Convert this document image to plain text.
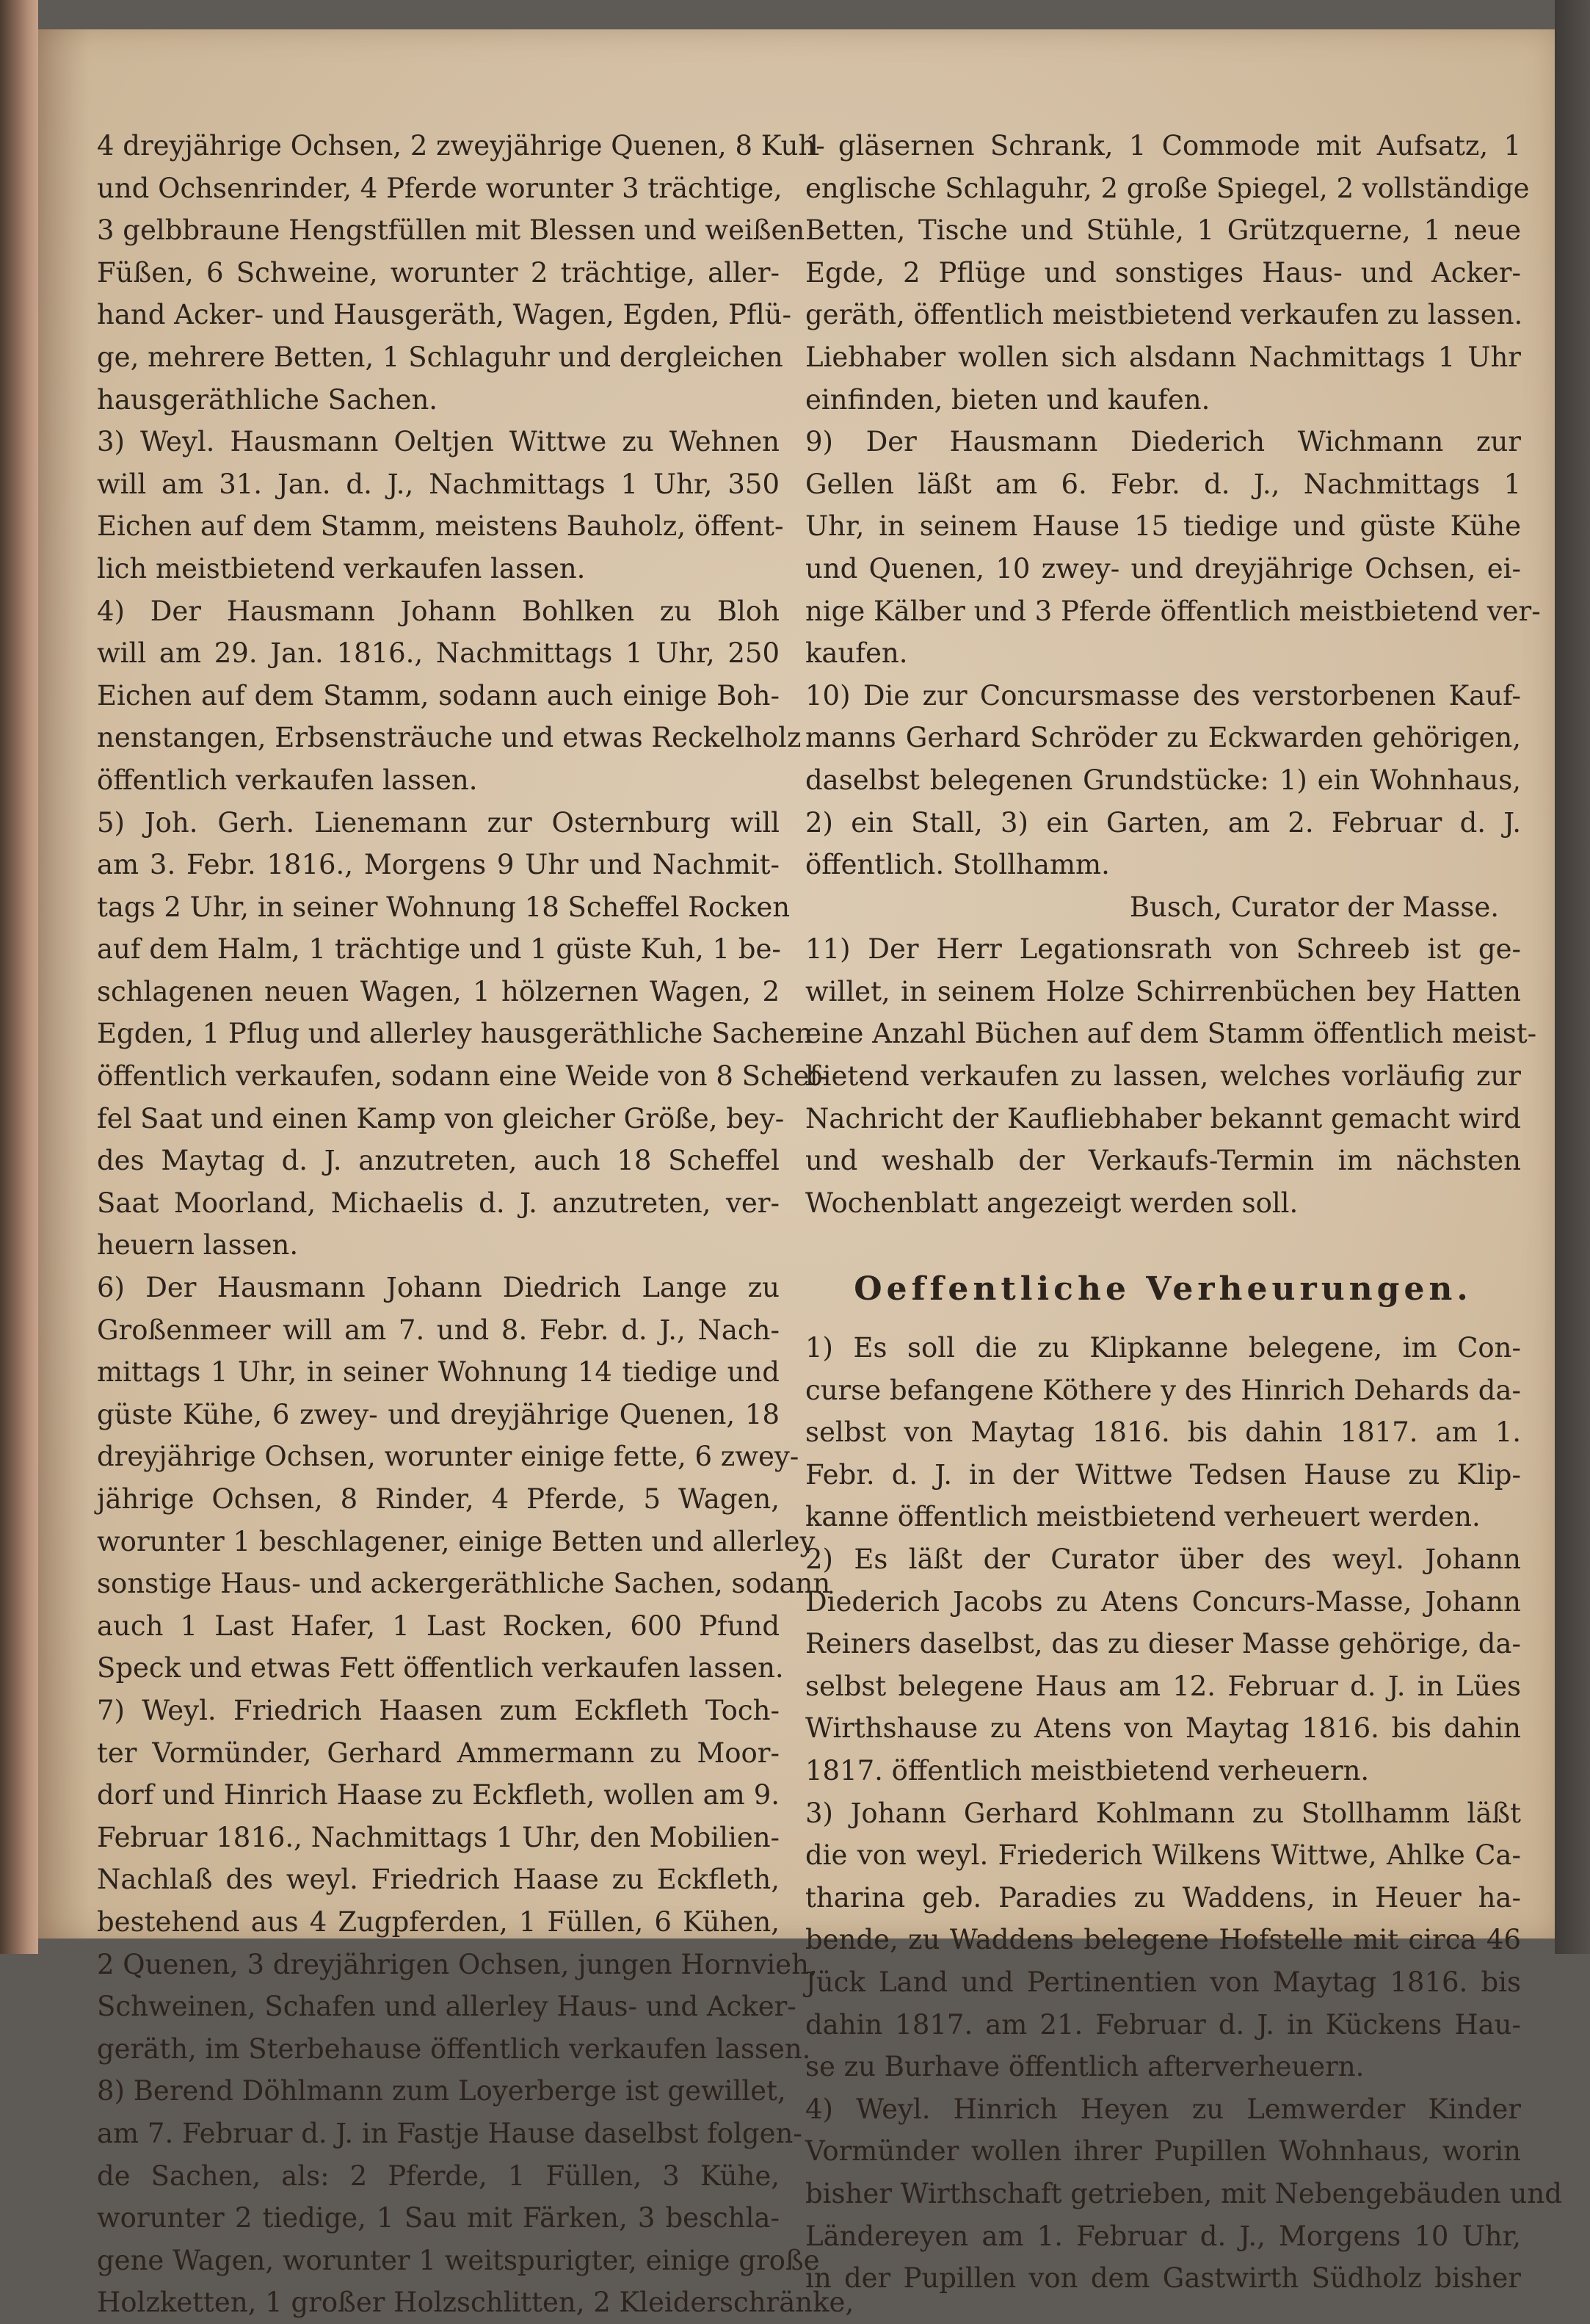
4 dreyjährige Ochsen, 2 zweyjährige Quenen, 8 Kuh-
und Ochsenrinder, 4 Pferde worunter 3 trächtige,
3 gelbbraune Hengstfüllen mit Blessen und weißen
Füßen, 6 Schweine, worunter 2 trächtige, aller-
hand Acker- und Hausgeräth, Wagen, Egden, Pflü-
ge, mehrere Betten, 1 Schlaguhr und dergleichen
hausgeräthliche Sachen.
3) Weyl. Hausmann Oeltjen Wittwe zu Wehnen
will am 31. Jan. d. J., Nachmittags 1 Uhr, 350
Eichen auf dem Stamm, meistens Bauholz, öffent-
lich meistbietend verkaufen lassen.
4) Der Hausmann Johann Bohlken zu Bloh
will am 29. Jan. 1816., Nachmittags 1 Uhr, 250
Eichen auf dem Stamm, sodann auch einige Boh-
nenstangen, Erbsensträuche und etwas Reckelholz
öffentlich verkaufen lassen.
5) Joh. Gerh. Lienemann zur Osternburg will
am 3. Febr. 1816., Morgens 9 Uhr und Nachmit-
tags 2 Uhr, in seiner Wohnung 18 Scheffel Rocken
auf dem Halm, 1 trächtige und 1 güste Kuh, 1 be-
schlagenen neuen Wagen, 1 hölzernen Wagen, 2
Egden, 1 Pflug und allerley hausgeräthliche Sachen
öffentlich verkaufen, sodann eine Weide von 8 Schef-
fel Saat und einen Kamp von gleicher Größe, bey-
des Maytag d. J. anzutreten, auch 18 Scheffel
Saat Moorland, Michaelis d. J. anzutreten, ver-
heuern lassen.
6) Der Hausmann Johann Diedrich Lange zu
Großenmeer will am 7. und 8. Febr. d. J., Nach-
mittags 1 Uhr, in seiner Wohnung 14 tiedige und
güste Kühe, 6 zwey- und dreyjährige Quenen, 18
dreyjährige Ochsen, worunter einige fette, 6 zwey-
jährige Ochsen, 8 Rinder, 4 Pferde, 5 Wagen,
worunter 1 beschlagener, einige Betten und allerley
sonstige Haus- und ackergeräthliche Sachen, sodann
auch 1 Last Hafer, 1 Last Rocken, 600 Pfund
Speck und etwas Fett öffentlich verkaufen lassen.
7) Weyl. Friedrich Haasen zum Eckfleth Toch-
ter Vormünder, Gerhard Ammermann zu Moor-
dorf und Hinrich Haase zu Eckfleth, wollen am 9.
Februar 1816., Nachmittags 1 Uhr, den Mobilien-
Nachlaß des weyl. Friedrich Haase zu Eckfleth,
bestehend aus 4 Zugpferden, 1 Füllen, 6 Kühen,
2 Quenen, 3 dreyjährigen Ochsen, jungen Hornvieh,
Schweinen, Schafen und allerley Haus- und Acker-
geräth, im Sterbehause öffentlich verkaufen lassen.
8) Berend Döhlmann zum Loyerberge ist gewillet,
am 7. Februar d. J. in Fastje Hause daselbst folgen-
de Sachen, als: 2 Pferde, 1 Füllen, 3 Kühe,
worunter 2 tiedige, 1 Sau mit Färken, 3 beschla-
gene Wagen, worunter 1 weitspurigter, einige große
Holzketten, 1 großer Holzschlitten, 2 Kleiderschränke,
1 gläsernen Schrank, 1 Commode mit Aufsatz, 1
englische Schlaguhr, 2 große Spiegel, 2 vollständige
Betten, Tische und Stühle, 1 Grützquerne, 1 neue
Egde, 2 Pflüge und sonstiges Haus- und Acker-
geräth, öffentlich meistbietend verkaufen zu lassen.
Liebhaber wollen sich alsdann Nachmittags 1 Uhr
einfinden, bieten und kaufen.
9) Der Hausmann Diederich Wichmann zur
Gellen läßt am 6. Febr. d. J., Nachmittags 1
Uhr, in seinem Hause 15 tiedige und güste Kühe
und Quenen, 10 zwey- und dreyjährige Ochsen, ei-
nige Kälber und 3 Pferde öffentlich meistbietend ver-
kaufen.
10) Die zur Concursmasse des verstorbenen Kauf-
manns Gerhard Schröder zu Eckwarden gehörigen,
daselbst belegenen Grundstücke: 1) ein Wohnhaus,
2) ein Stall, 3) ein Garten, am 2. Februar d. J.
öffentlich. Stollhamm.
Busch, Curator der Masse.
11) Der Herr Legationsrath von Schreeb ist ge-
willet, in seinem Holze Schirrenbüchen bey Hatten
eine Anzahl Büchen auf dem Stamm öffentlich meist-
bietend verkaufen zu lassen, welches vorläufig zur
Nachricht der Kaufliebhaber bekannt gemacht wird
und weshalb der Verkaufs-Termin im nächsten
Wochenblatt angezeigt werden soll.
Oeffentliche Verheurungen.
1) Es soll die zu Klipkanne belegene, im Con-
curse befangene Köthere y des Hinrich Dehards da-
selbst von Maytag 1816. bis dahin 1817. am 1.
Febr. d. J. in der Wittwe Tedsen Hause zu Klip-
kanne öffentlich meistbietend verheuert werden.
2) Es läßt der Curator über des weyl. Johann
Diederich Jacobs zu Atens Concurs-Masse, Johann
Reiners daselbst, das zu dieser Masse gehörige, da-
selbst belegene Haus am 12. Februar d. J. in Lües
Wirthshause zu Atens von Maytag 1816. bis dahin
1817. öffentlich meistbietend verheuern.
3) Johann Gerhard Kohlmann zu Stollhamm läßt
die von weyl. Friederich Wilkens Wittwe, Ahlke Ca-
tharina geb. Paradies zu Waddens, in Heuer ha-
bende, zu Waddens belegene Hofstelle mit circa 46
Jück Land und Pertinentien von Maytag 1816. bis
dahin 1817. am 21. Februar d. J. in Kückens Hau-
se zu Burhave öffentlich afterverheuern.
4) Weyl. Hinrich Heyen zu Lemwerder Kinder
Vormünder wollen ihrer Pupillen Wohnhaus, worin
bisher Wirthschaft getrieben, mit Nebengebäuden und
Ländereyen am 1. Februar d. J., Morgens 10 Uhr,
in der Pupillen von dem Gastwirth Südholz bisher
